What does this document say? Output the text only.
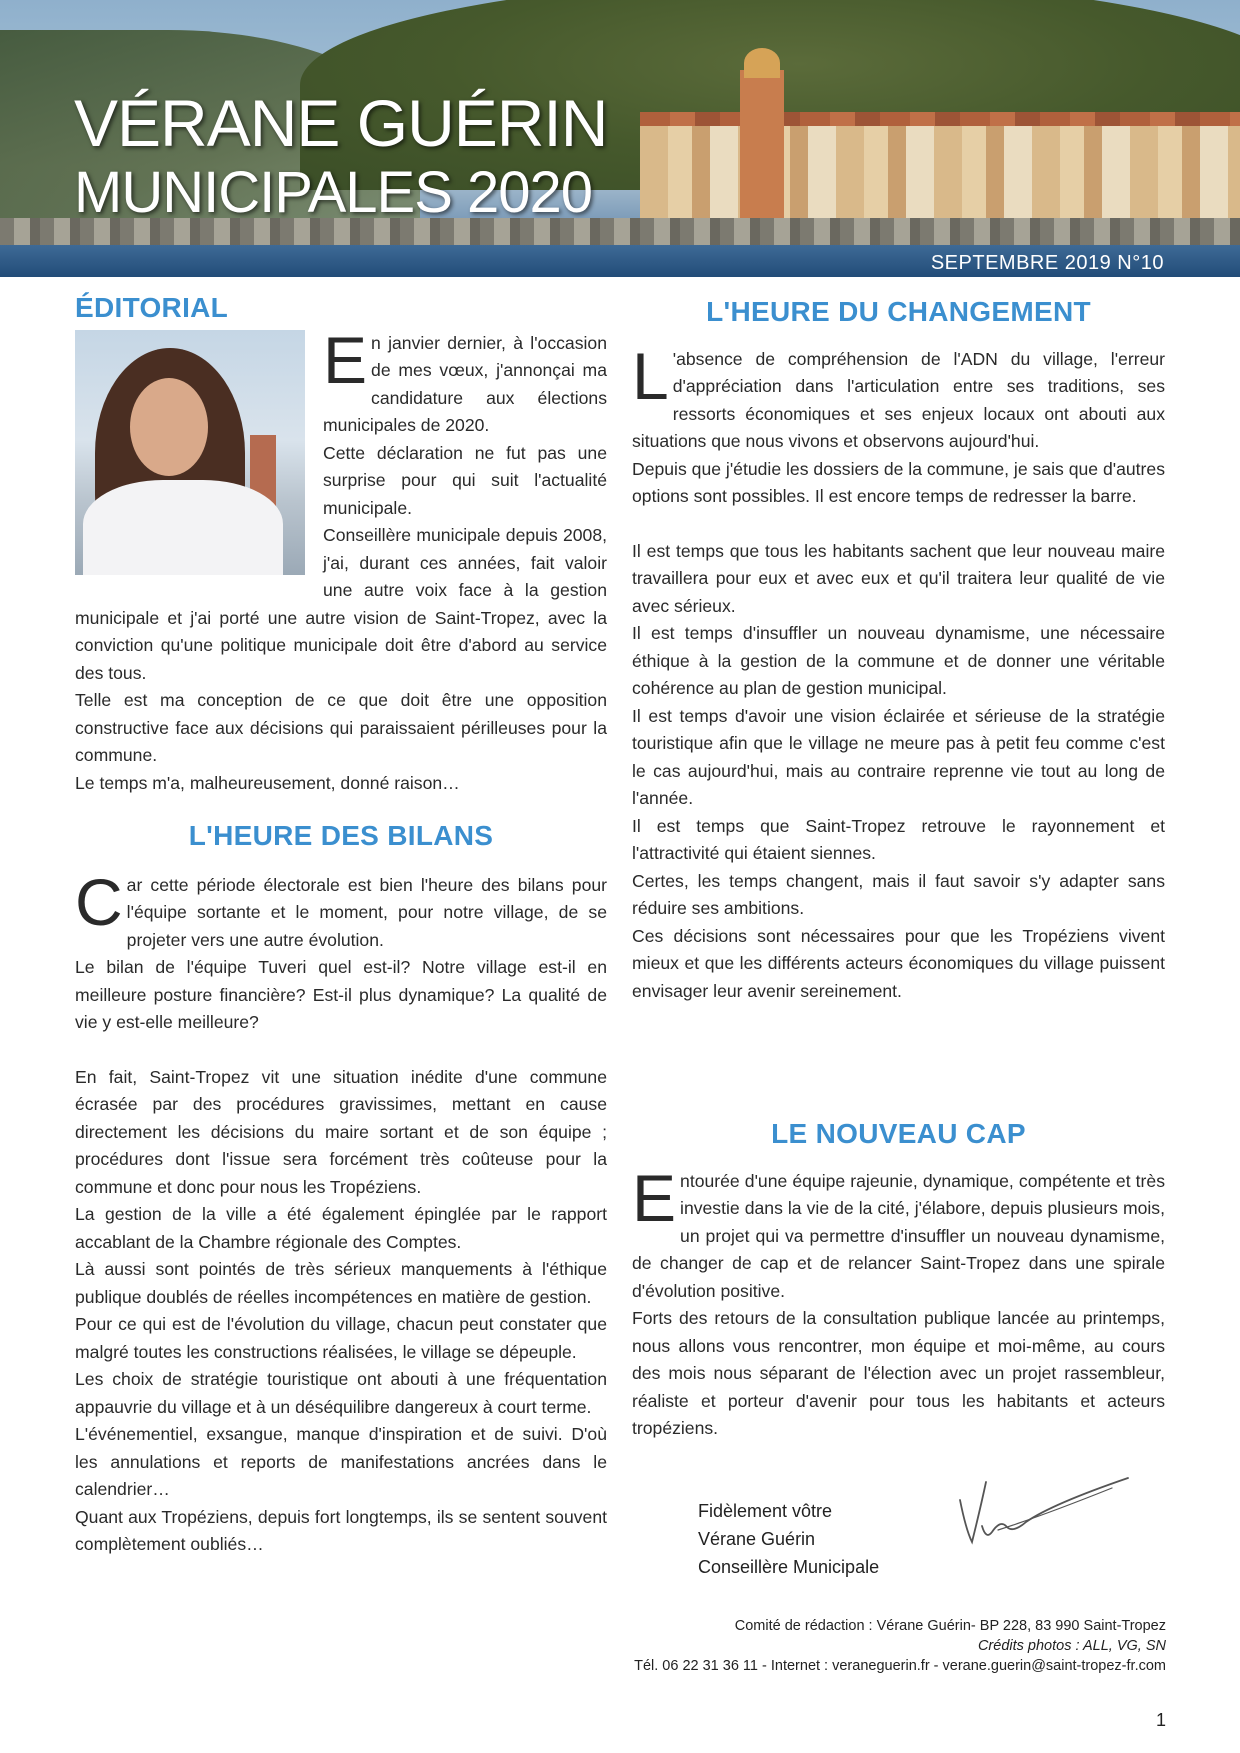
VÉRANE GUÉRIN
MUNICIPALES 2020
SEPTEMBRE 2019 N°10
ÉDITORIAL

En janvier dernier, à l'occasion de mes vœux, j'annonçai ma candidature aux élections municipales de 2020.

Cette déclaration ne fut pas une surprise pour qui suit l'actualité municipale.

Conseillère municipale depuis 2008, j'ai, durant ces années, fait valoir une autre voix face à la gestion municipale et j'ai porté une autre vision de Saint-Tropez, avec la conviction qu'une politique municipale doit être d'abord au service des tous.

Telle est ma conception de ce que doit être une opposition constructive face aux décisions qui paraissaient périlleuses pour la commune.

Le temps m'a, malheureusement, donné raison…

L'HEURE DES BILANS

Car cette période électorale est bien l'heure des bilans pour l'équipe sortante et le moment, pour notre village, de se projeter vers une autre évolution.

Le bilan de l'équipe Tuveri quel est-il? Notre village est-il en meilleure posture financière? Est-il plus dynamique? La qualité de vie y est-elle meilleure?

En fait, Saint-Tropez vit une situation inédite d'une commune écrasée par des procédures gravissimes, mettant en cause directement les décisions du maire sortant et de son équipe ; procédures dont l'issue sera forcément très coûteuse pour la commune et donc pour nous les Tropéziens.

La gestion de la ville a été également épinglée par le rapport accablant de la Chambre régionale des Comptes.

Là aussi sont pointés de très sérieux manquements à l'éthique publique doublés de réelles incompétences en matière de gestion.

Pour ce qui est de l'évolution du village, chacun peut constater que malgré toutes les constructions réalisées, le village se dépeuple.

Les choix de stratégie touristique ont abouti à une fréquentation appauvrie du village et à un déséquilibre dangereux à court terme.

L'événementiel, exsangue, manque d'inspiration et de suivi. D'où les annulations et reports de manifestations ancrées dans le calendrier…

Quant aux Tropéziens, depuis fort longtemps, ils se sentent souvent complètement oubliés…

L'HEURE DU CHANGEMENT

L 'absence de compréhension de l'ADN du village, l'erreur d'appréciation dans l'articulation entre ses traditions, ses ressorts économiques et ses enjeux locaux ont abouti aux situations que nous vivons et observons aujourd'hui.

Depuis que j'étudie les dossiers de la commune, je sais que d'autres options sont possibles. Il est encore temps de redresser la barre.

Il est temps que tous les habitants sachent que leur nouveau maire travaillera pour eux et avec eux et qu'il traitera leur qualité de vie avec sérieux.

Il est temps d'insuffler un nouveau dynamisme, une nécessaire éthique à la gestion de la commune et de donner une véritable cohérence au plan de gestion municipal.

Il est temps d'avoir une vision éclairée et sérieuse de la stratégie touristique afin que le village ne meure pas à petit feu comme c'est le cas aujourd'hui, mais au contraire reprenne vie tout au long de l'année.

Il est temps que Saint-Tropez retrouve le rayonnement et l'attractivité qui étaient siennes.

Certes, les temps changent, mais il faut savoir s'y adapter sans réduire ses ambitions.

Ces décisions sont nécessaires pour que les Tropéziens vivent mieux et que les différents acteurs économiques du village puissent envisager leur avenir sereinement.

LE NOUVEAU CAP

Entourée d'une équipe rajeunie, dynamique, compétente et très investie dans la vie de la cité, j'élabore, depuis plusieurs mois, un projet qui va permettre d'insuffler un nouveau dynamisme, de changer de cap et de relancer Saint-Tropez dans une spirale d'évolution positive.

Forts des retours de la consultation publique lancée au printemps, nous allons vous rencontrer, mon équipe et moi-même, au cours des mois nous séparant de l'élection avec un projet rassembleur, réaliste et porteur d'avenir pour tous les habitants et acteurs tropéziens.

Fidèlement vôtre
Vérane Guérin
Conseillère Municipale
Comité de rédaction : Vérane Guérin- BP 228, 83 990 Saint-Tropez
Crédits photos : ALL, VG, SN
Tél. 06 22 31 36 11 - Internet : veraneguerin.fr - verane.guerin@saint-tropez-fr.com
1
